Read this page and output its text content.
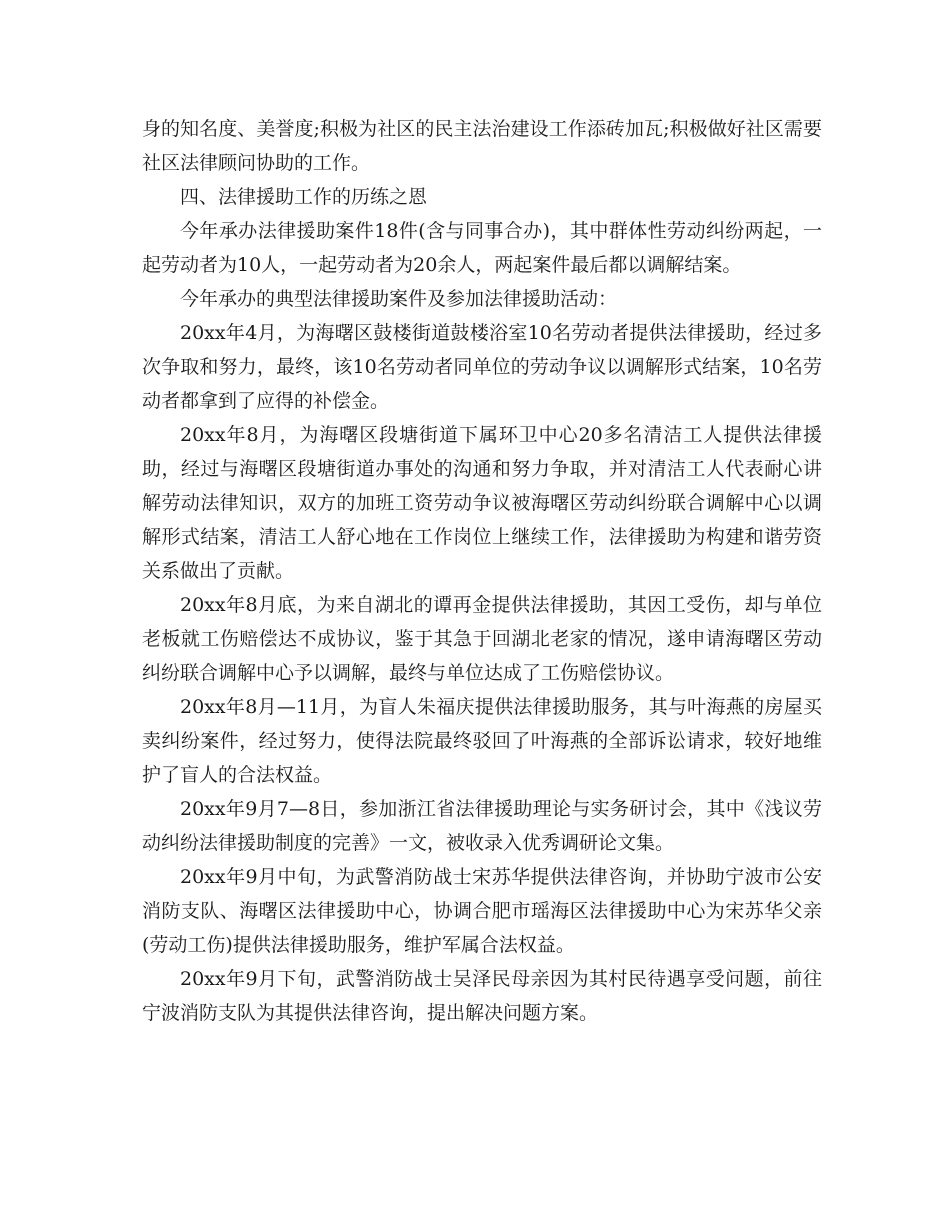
身的知名度、美誉度;积极为社区的民主法治建设工作添砖加瓦;积极做好社区需要社区法律顾问协助的工作。

四、法律援助工作的历练之恩

今年承办法律援助案件18件(含与同事合办)，其中群体性劳动纠纷两起，一起劳动者为10人，一起劳动者为20余人，两起案件最后都以调解结案。

今年承办的典型法律援助案件及参加法律援助活动：

20xx年4月，为海曙区鼓楼街道鼓楼浴室10名劳动者提供法律援助，经过多次争取和努力，最终，该10名劳动者同单位的劳动争议以调解形式结案，10名劳动者都拿到了应得的补偿金。

20xx年8月，为海曙区段塘街道下属环卫中心20多名清洁工人提供法律援助，经过与海曙区段塘街道办事处的沟通和努力争取，并对清洁工人代表耐心讲解劳动法律知识，双方的加班工资劳动争议被海曙区劳动纠纷联合调解中心以调解形式结案，清洁工人舒心地在工作岗位上继续工作，法律援助为构建和谐劳资关系做出了贡献。

20xx年8月底，为来自湖北的谭再金提供法律援助，其因工受伤，却与单位老板就工伤赔偿达不成协议，鉴于其急于回湖北老家的情况，遂申请海曙区劳动纠纷联合调解中心予以调解，最终与单位达成了工伤赔偿协议。

20xx年8月—11月，为盲人朱福庆提供法律援助服务，其与叶海燕的房屋买卖纠纷案件，经过努力，使得法院最终驳回了叶海燕的全部诉讼请求，较好地维护了盲人的合法权益。

20xx年9月7—8日，参加浙江省法律援助理论与实务研讨会，其中《浅议劳动纠纷法律援助制度的完善》一文，被收录入优秀调研论文集。

20xx年9月中旬，为武警消防战士宋苏华提供法律咨询，并协助宁波市公安消防支队、海曙区法律援助中心，协调合肥市瑶海区法律援助中心为宋苏华父亲(劳动工伤)提供法律援助服务，维护军属合法权益。

20xx年9月下旬，武警消防战士吴泽民母亲因为其村民待遇享受问题，前往宁波消防支队为其提供法律咨询，提出解决问题方案。
